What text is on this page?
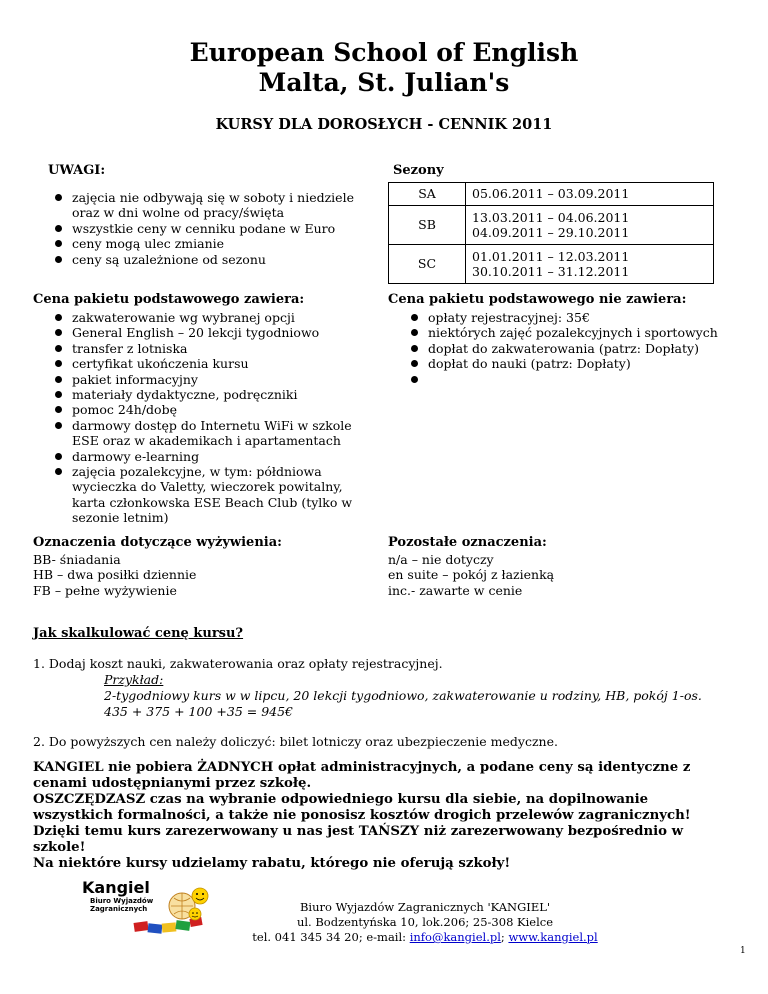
European School of English
Malta, St. Julian's
KURSY DLA DOROSŁYCH - CENNIK 2011
UWAGI:
zajęcia nie odbywają się w soboty i niedziele oraz w dni wolne od pracy/święta
wszystkie ceny w cenniku podane w Euro
ceny mogą ulec zmianie
ceny są uzależnione od sezonu
Sezony
SA	05.06.2011 – 03.09.2011
SB	13.03.2011 – 04.06.2011
04.09.2011 – 29.10.2011
SC	01.01.2011 – 12.03.2011
30.10.2011 – 31.12.2011
Cena pakietu podstawowego zawiera:
zakwaterowanie wg wybranej opcji
General English – 20 lekcji tygodniowo
transfer z lotniska
certyfikat ukończenia kursu
pakiet informacyjny
materiały dydaktyczne, podręczniki
pomoc 24h/dobę
darmowy dostęp do Internetu WiFi w szkole ESE oraz w akademikach i apartamentach
darmowy e-learning
zajęcia pozalekcyjne, w tym: półdniowa wycieczka do Valetty, wieczorek powitalny, karta członkowska ESE Beach Club (tylko w sezonie letnim)
Cena pakietu podstawowego nie zawiera:
opłaty rejestracyjnej: 35€
niektórych zajęć pozalekcyjnych i sportowych
dopłat do zakwaterowania (patrz: Dopłaty)
dopłat do nauki (patrz: Dopłaty)
Oznaczenia dotyczące wyżywienia:
BB- śniadania
HB – dwa posiłki dziennie
FB – pełne wyżywienie
Pozostałe oznaczenia:
n/a – nie dotyczy
en suite – pokój z łazienką
inc.- zawarte w cenie
Jak skalkulować cenę kursu?
1. Dodaj koszt nauki, zakwaterowania oraz opłaty rejestracyjnej.
Przykład:
2-tygodniowy kurs w w lipcu, 20 lekcji tygodniowo, zakwaterowanie u rodziny, HB, pokój 1-os.
435 + 375 + 100 +35 = 945€
2. Do powyższych cen należy doliczyć: bilet lotniczy oraz ubezpieczenie medyczne.
KANGIEL nie pobiera ŻADNYCH opłat administracyjnych, a podane ceny są identyczne z
cenami udostępnianymi przez szkołę.
OSZCZĘDZASZ czas na wybranie odpowiedniego kursu dla siebie, na dopilnowanie
wszystkich formalności, a także nie ponosisz kosztów drogich przelewów zagranicznych!
Dzięki temu kurs zarezerwowany u nas jest TAŃSZY niż zarezerwowany bezpośrednio w
szkole!
Na niektóre kursy udzielamy rabatu, którego nie oferują szkoły!
Kangiel
Biuro Wyjazdów
Zagranicznych	Biuro Wyjazdów Zagranicznych 'KANGIEL'
ul. Bodzentyńska 10, lok.206; 25-308 Kielce
tel. 041 345 34 20; e-mail: info@kangiel.pl; www.kangiel.pl
1
